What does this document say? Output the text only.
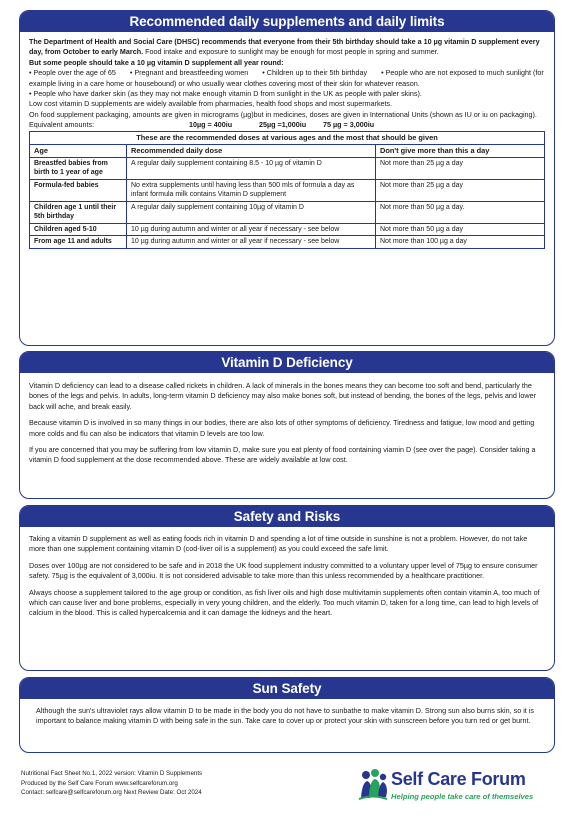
Recommended daily supplements and daily limits
The Department of Health and Social Care (DHSC) recommends that everyone from their 5th birthday should take a 10 µg vitamin D supplement every day, from October to early March. Food intake and exposure to sunlight may be enough for most people in spring and summer.
But some people should take a 10 µg vitamin D supplement all year round:
• People over the age of 65 • Pregnant and breastfeeding women • Children up to their 5th birthday • People who are not exposed to much sunlight (for example living in a care home or housebound) or who usually wear clothes covering most of their skin for whatever reason.
• People who have darker skin (as they may not make enough vitamin D from sunlight in the UK as people with paler skins).
Low cost vitamin D supplements are widely available from pharmacies, health food shops and most supermarkets.
On food supplement packaging, amounts are given in micrograms (µg)but in medicines, doses are given in International Units (shown as IU or iu on packaging).
Equivalent amounts:	10µg = 400iu	25µg =1,000iu 75 µg = 3,000iu
These are the recommended doses at various ages and the most that should be given
Age	Recommended daily dose	Don't give more than this a day
Breastfed babies from birth to 1 year of age	A regular daily supplement containing 8.5 - 10 µg of vitamin D	Not more than 25 µg a day
Formula-fed babies	No extra supplements until having less than 500 mls of formula a day as infant formula milk contains Vitamin D supplement	Not more than 25 µg a day
Children age 1 until their 5th birthday	A regular daily supplement containing 10µg of vitamin D	Not more than 50 µg a day.
Children aged 5-10	10 µg during autumn and winter or all year if necessary - see below	Not more than 50 µg a day
From age 11 and adults	10 µg during autumn and winter or all year if necessary - see below	Not more than 100 µg a day
Vitamin D Deficiency

Vitamin D deficiency can lead to a disease called rickets in children. A lack of minerals in the bones means they can become too soft and bend, particularly the bones of the legs and pelvis. In adults, long-term vitamin D deficiency may also make bones soft, but instead of bending, the bones of the legs, pelvis and lower back will ache, and break easily.

Because vitamin D is involved in so many things in our bodies, there are also lots of other symptoms of deficiency. Tiredness and fatigue, low mood and getting more colds and flu can also be indicators that vitamin D levels are too low.

If you are concerned that you may be suffering from low vitamin D, make sure you eat plenty of food containing viamin D (see over the page). Consider taking a vitamin D food supplement at the dose recommended above. These are widely available at low cost.

Safety and Risks

Taking a vitamin D supplement as well as eating foods rich in vitamin D and spending a lot of time outside in sunshine is not a problem. However, do not take more than one supplement containing vitamin D (cod-liver oil is a supplement) as you could exceed the safe limit.

Doses over 100µg are not considered to be safe and in 2018 the UK food supplement industry committed to a voluntary upper level of 75µg to ensure consumer safety. 75µg is the equivalent of 3,000iu. It is not considered advisable to take more than this unless recommended by a healthcare practitioner.

Always choose a supplement tailored to the age group or condition, as fish liver oils and high dose multivitamin supplements often contain vitamin A, too much of which can cause liver and bone problems, especially in very young children, and the elderly. Too much vitamin D, taken for a long time, can lead to high levels of calcium in the blood. This is called hypercalcemia and it can damage the kidneys and the heart.

Sun Safety

Although the sun's ultraviolet rays allow vitamin D to be made in the body you do not have to sunbathe to make vitamin D. Strong sun also burns skin, so it is important to balance making vitamin D with being safe in the sun. Take care to cover up or protect your skin with sunscreen before you turn red or get burnt.

Nutritional Fact Sheet No.1, 2022 version: Vitamin D Supplements
Produced by the Self Care Forum www.selfcareforum.org
Contact: selfcare@selfcareforum.org Next Review Date: Oct 2024
Self Care Forum
Helping people take care of themselves
